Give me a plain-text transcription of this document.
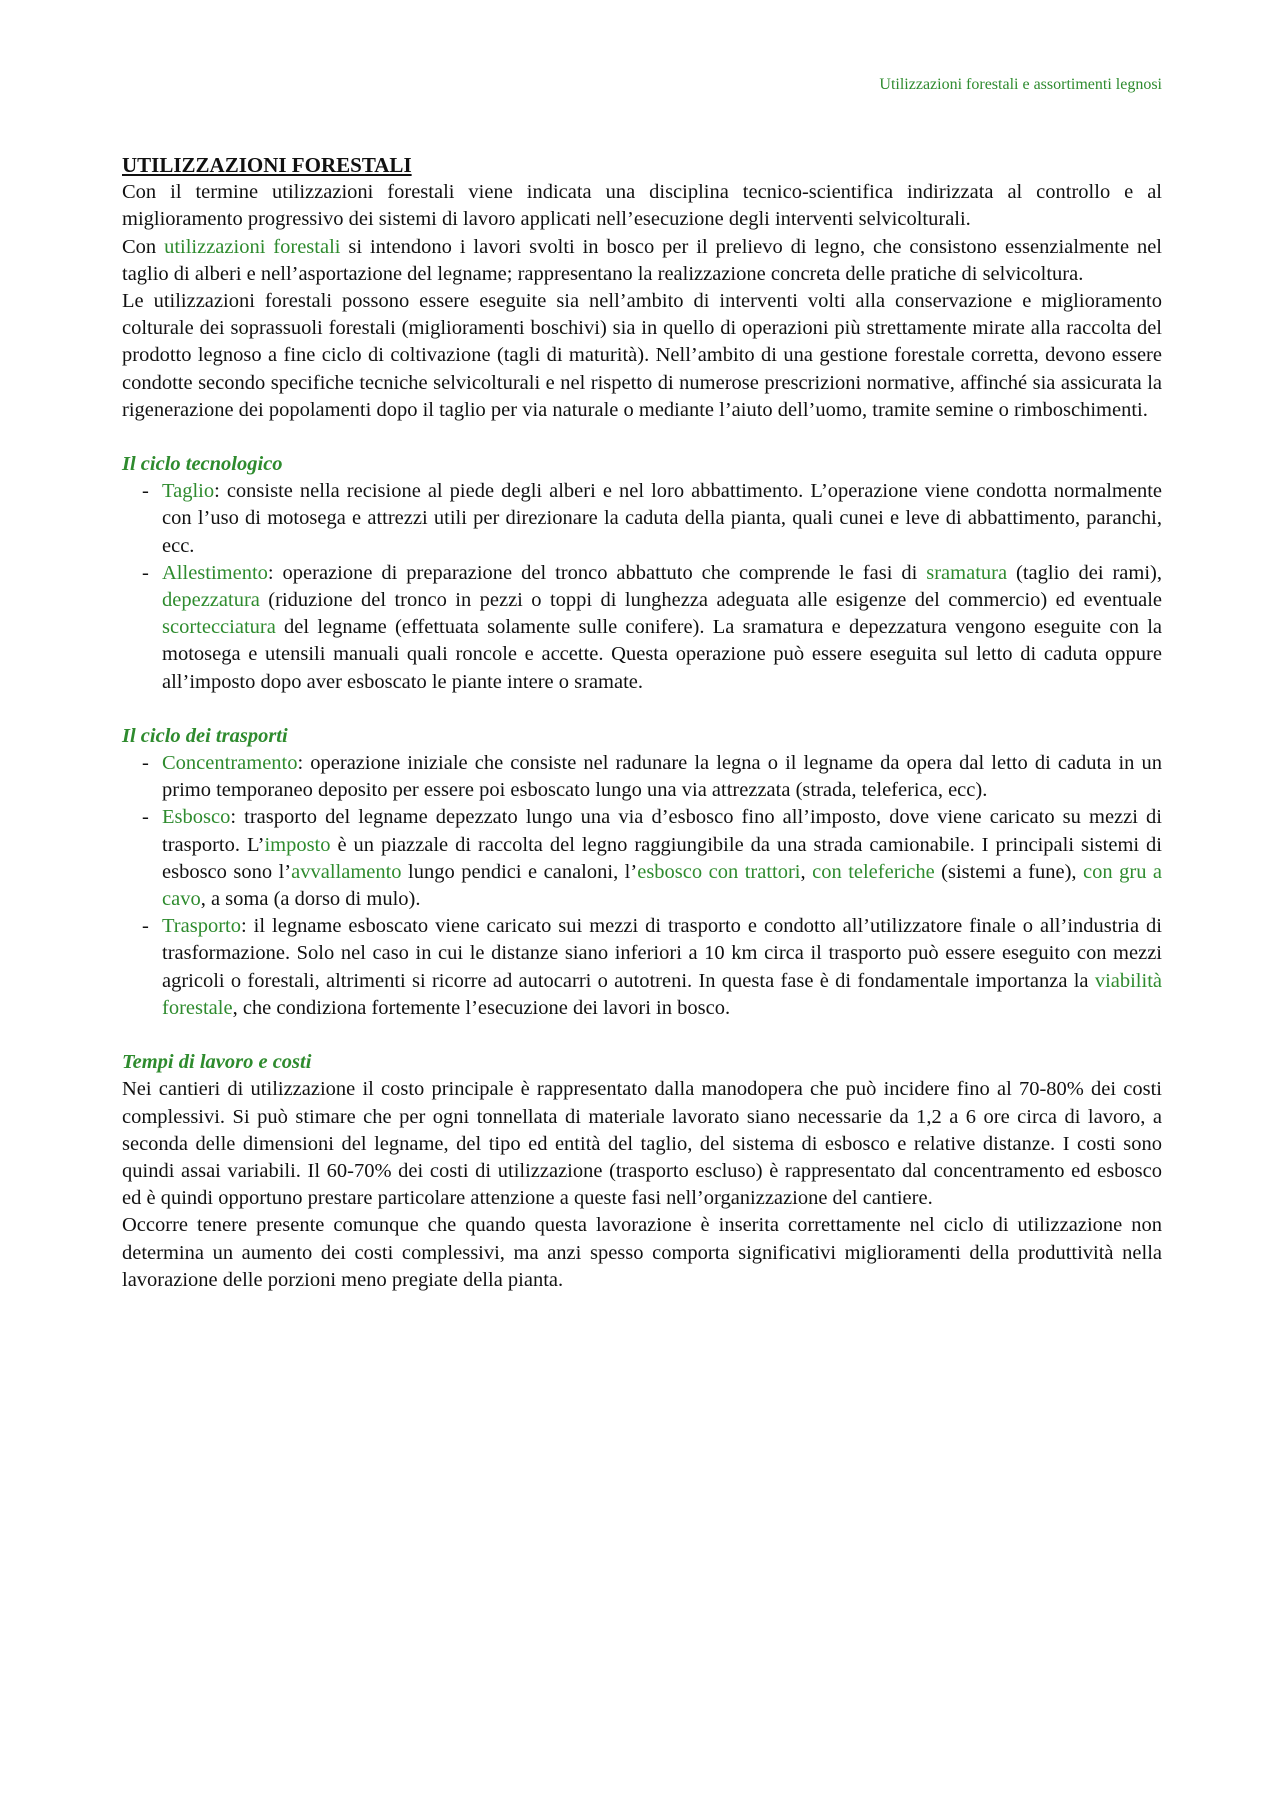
Utilizzazioni forestali e assortimenti legnosi

UTILIZZAZIONI FORESTALI

Con il termine utilizzazioni forestali viene indicata una disciplina tecnico-scientifica indirizzata al controllo e al miglioramento progressivo dei sistemi di lavoro applicati nell’esecuzione degli interventi selvicolturali.

Con utilizzazioni forestali si intendono i lavori svolti in bosco per il prelievo di legno, che consistono essenzialmente nel taglio di alberi e nell’asportazione del legname; rappresentano la realizzazione concreta delle pratiche di selvicoltura.

Le utilizzazioni forestali possono essere eseguite sia nell’ambito di interventi volti alla conservazione e miglioramento colturale dei soprassuoli forestali (miglioramenti boschivi) sia in quello di operazioni più strettamente mirate alla raccolta del prodotto legnoso a fine ciclo di coltivazione (tagli di maturità). Nell’ambito di una gestione forestale corretta, devono essere condotte secondo specifiche tecniche selvicolturali e nel rispetto di numerose prescrizioni normative, affinché sia assicurata la rigenerazione dei popolamenti dopo il taglio per via naturale o mediante l’aiuto dell’uomo, tramite semine o rimboschimenti.

Il ciclo tecnologico

- Taglio: consiste nella recisione al piede degli alberi e nel loro abbattimento. L’operazione viene condotta normalmente con l’uso di motosega e attrezzi utili per direzionare la caduta della pianta, quali cunei e leve di abbattimento, paranchi, ecc.
- Allestimento: operazione di preparazione del tronco abbattuto che comprende le fasi di sramatura (taglio dei rami), depezzatura (riduzione del tronco in pezzi o toppi di lunghezza adeguata alle esigenze del commercio) ed eventuale scortecciatura del legname (effettuata solamente sulle conifere). La sramatura e depezzatura vengono eseguite con la motosega e utensili manuali quali roncole e accette. Questa operazione può essere eseguita sul letto di caduta oppure all’imposto dopo aver esboscato le piante intere o sramate.

Il ciclo dei trasporti

- Concentramento: operazione iniziale che consiste nel radunare la legna o il legname da opera dal letto di caduta in un primo temporaneo deposito per essere poi esboscato lungo una via attrezzata (strada, teleferica, ecc).
- Esbosco: trasporto del legname depezzato lungo una via d’esbosco fino all’imposto, dove viene caricato su mezzi di trasporto. L’imposto è un piazzale di raccolta del legno raggiungibile da una strada camionabile. I principali sistemi di esbosco sono l’avvallamento lungo pendici e canaloni, l’esbosco con trattori, con teleferiche (sistemi a fune), con gru a cavo, a soma (a dorso di mulo).
- Trasporto: il legname esboscato viene caricato sui mezzi di trasporto e condotto all’utilizzatore finale o all’industria di trasformazione. Solo nel caso in cui le distanze siano inferiori a 10 km circa il trasporto può essere eseguito con mezzi agricoli o forestali, altrimenti si ricorre ad autocarri o autotreni. In questa fase è di fondamentale importanza la viabilità forestale, che condiziona fortemente l’esecuzione dei lavori in bosco.

Tempi di lavoro e costi

Nei cantieri di utilizzazione il costo principale è rappresentato dalla manodopera che può incidere fino al 70-80% dei costi complessivi. Si può stimare che per ogni tonnellata di materiale lavorato siano necessarie da 1,2 a 6 ore circa di lavoro, a seconda delle dimensioni del legname, del tipo ed entità del taglio, del sistema di esbosco e relative distanze. I costi sono quindi assai variabili. Il 60-70% dei costi di utilizzazione (trasporto escluso) è rappresentato dal concentramento ed esbosco ed è quindi opportuno prestare particolare attenzione a queste fasi nell’organizzazione del cantiere.

Occorre tenere presente comunque che quando questa lavorazione è inserita correttamente nel ciclo di utilizzazione non determina un aumento dei costi complessivi, ma anzi spesso comporta significativi miglioramenti della produttività nella lavorazione delle porzioni meno pregiate della pianta.
